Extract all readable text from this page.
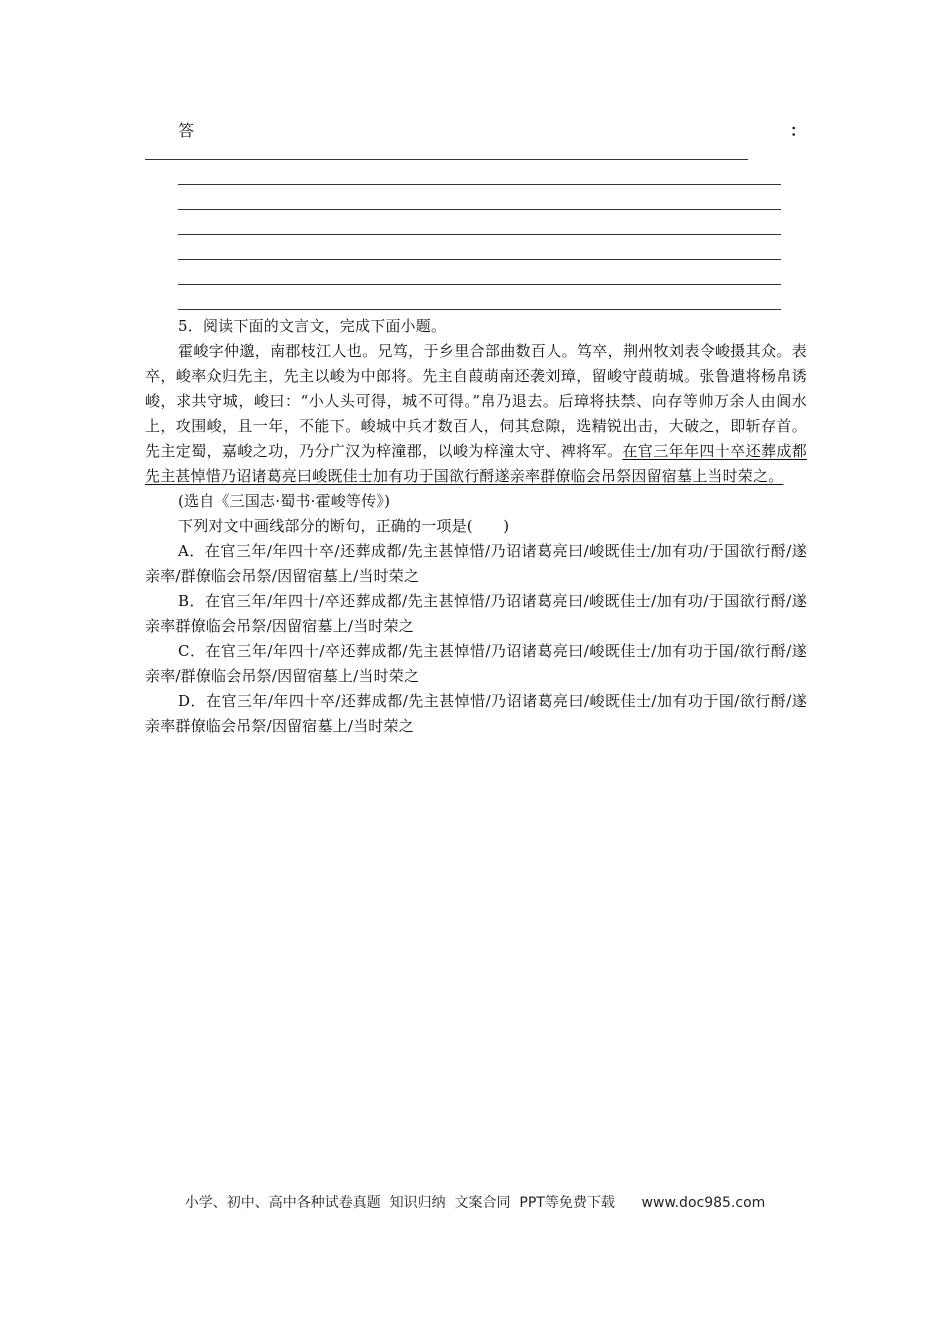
答	：

5．阅读下面的文言文，完成下面小题。

霍峻字仲邈，南郡枝江人也。兄笃，于乡里合部曲数百人。笃卒，荆州牧刘表令峻摄其众。表卒，峻率众归先主，先主以峻为中郎将。先主自葭萌南还袭刘璋，留峻守葭萌城。张鲁遣将杨帛诱峻，求共守城，峻曰：“小人头可得，城不可得。”帛乃退去。后璋将扶禁、向存等帅万余人由阆水上，攻围峻，且一年，不能下。峻城中兵才数百人，伺其怠隙，选精锐出击，大破之，即斩存首。先主定蜀，嘉峻之功，乃分广汉为梓潼郡，以峻为梓潼太守、裨将军。在官三年年四十卒还葬成都先主甚悼惜乃诏诸葛亮曰峻既佳士加有功于国欲行酹遂亲率群僚临会吊祭因留宿墓上当时荣之。

(选自《三国志·蜀书·霍峻等传》)

下列对文中画线部分的断句，正确的一项是(　　)

A．在官三年/年四十卒/还葬成都/先主甚悼惜/乃诏诸葛亮曰/峻既佳士/加有功/于国欲行酹/遂亲率/群僚临会吊祭/因留宿墓上/当时荣之

B．在官三年/年四十/卒还葬成都/先主甚悼惜/乃诏诸葛亮曰/峻既佳士/加有功/于国欲行酹/遂亲率群僚临会吊祭/因留宿墓上/当时荣之

C．在官三年/年四十/卒还葬成都/先主甚悼惜/乃诏诸葛亮曰/峻既佳士/加有功于国/欲行酹/遂亲率/群僚临会吊祭/因留宿墓上/当时荣之

D．在官三年/年四十卒/还葬成都/先主甚悼惜/乃诏诸葛亮曰/峻既佳士/加有功于国/欲行酹/遂亲率群僚临会吊祭/因留宿墓上/当时荣之

小学、初中、高中各种试卷真题  知识归纳  文案合同  PPT等免费下载      www.doc985.com
